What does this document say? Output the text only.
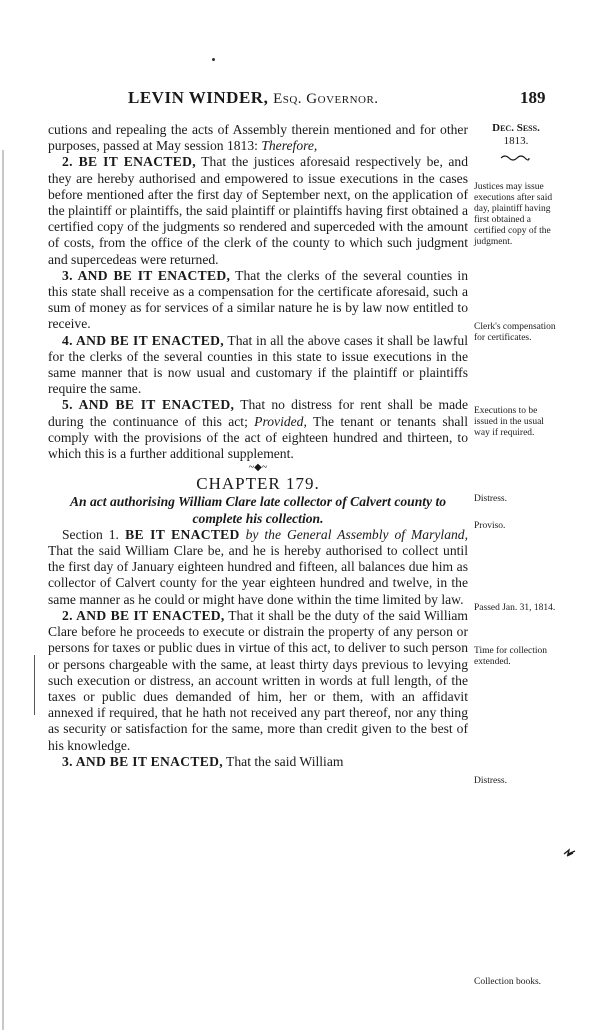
LEVIN WINDER, Esq. Governor.	189

cutions and repealing the acts of Assembly therein mentioned and for other purposes, passed at May session 1813: Therefore,

2. BE IT ENACTED, That the justices aforesaid respectively be, and they are hereby authorised and empowered to issue executions in the cases before mentioned after the first day of September next, on the application of the plaintiff or plaintiffs, the said plaintiff or plaintiffs having first obtained a certified copy of the judgments so rendered and superceded with the amount of costs, from the office of the clerk of the county to which such judgment and supercedeas were returned.

3. AND BE IT ENACTED, That the clerks of the several counties in this state shall receive as a compensation for the certificate aforesaid, such a sum of money as for services of a similar nature he is by law now entitled to receive.

4. AND BE IT ENACTED, That in all the above cases it shall be lawful for the clerks of the several counties in this state to issue executions in the same manner that is now usual and customary if the plaintiff or plaintiffs require the same.

5. AND BE IT ENACTED, That no distress for rent shall be made during the continuance of this act; Provided, The tenant or tenants shall comply with the provisions of the act of eighteen hundred and thirteen, to which this is a further additional supplement.

~◆~

CHAPTER 179.

An act authorising William Clare late collector of Calvert county to complete his collection.

Section 1. BE IT ENACTED by the General Assembly of Maryland, That the said William Clare be, and he is hereby authorised to collect until the first day of January eighteen hundred and fifteen, all balances due him as collector of Calvert county for the year eighteen hundred and twelve, in the same manner as he could or might have done within the time limited by law.

2. AND BE IT ENACTED, That it shall be the duty of the said William Clare before he proceeds to execute or distrain the property of any person or persons for taxes or public dues in virtue of this act, to deliver to such person or persons chargeable with the same, at least thirty days previous to levying such execution or distress, an account written in words at full length, of the taxes or public dues demanded of him, her or them, with an affidavit annexed if required, that he hath not received any part thereof, nor any thing as security or satisfaction for the same, more than credit given to the best of his knowledge.

3. AND BE IT ENACTED, That the said William

Dec. Sess.
1813.
Justices may issue executions after said day, plaintiff having first obtained a certified copy of the judgment.
Clerk's compensation for certificates.
Executions to be issued in the usual way if required.
Distress.
Proviso.
Passed Jan. 31, 1814.
Time for collection extended.
Distress.
Collection books.
